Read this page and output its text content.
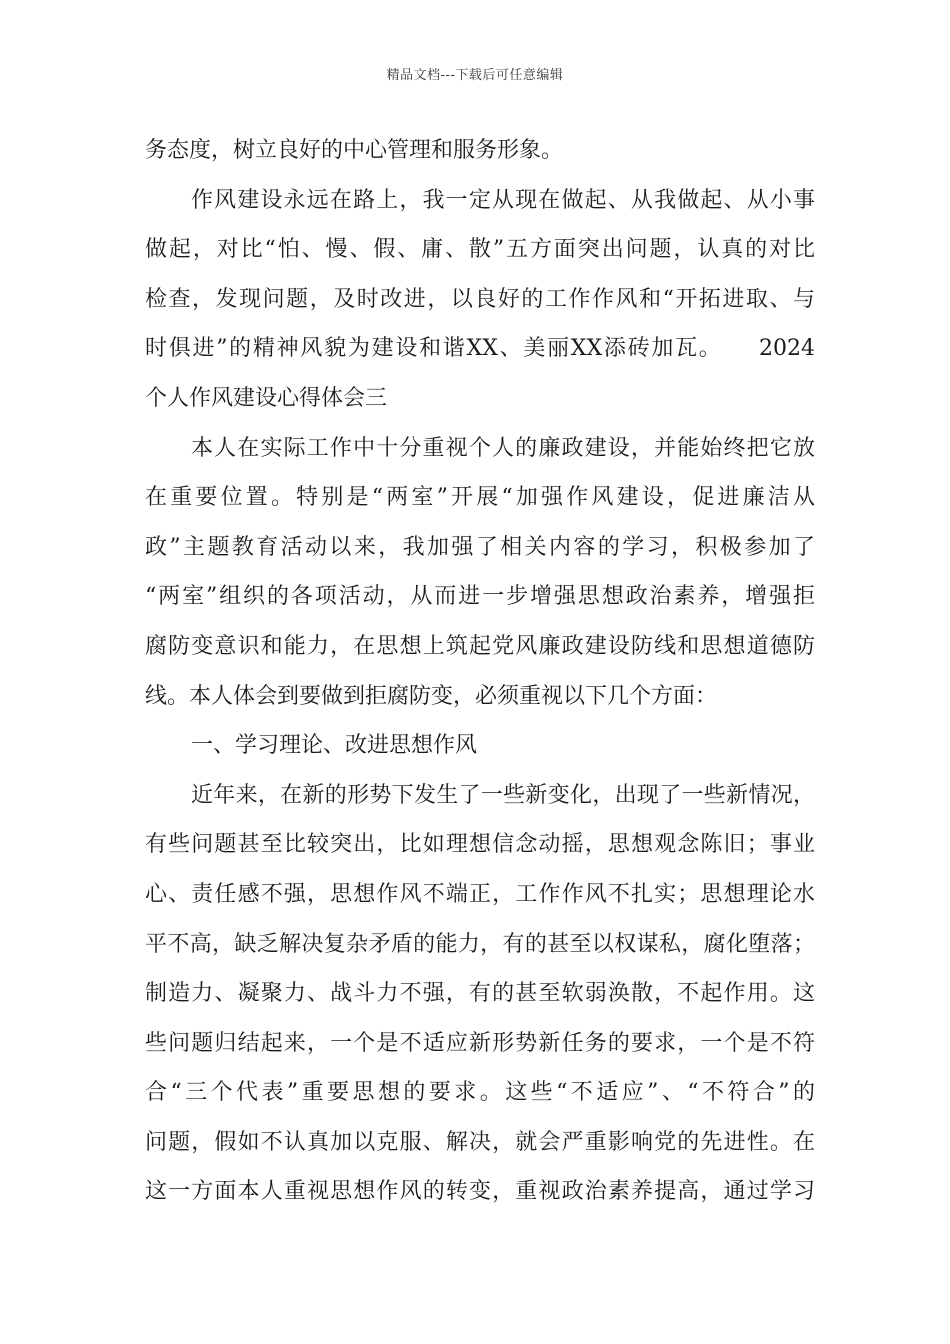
精品文档---下载后可任意编辑
务态度，树立良好的中心管理和服务形象。
作风建设永远在路上，我一定从现在做起、从我做起、从小事
做起，对比“怕、慢、假、庸、散”五方面突出问题，认真的对比
检查，发现问题，及时改进，以良好的工作作风和“开拓进取、与
时俱进”的精神风貌为建设和谐XX、美丽XX添砖加瓦。　　2024
个人作风建设心得体会三
本人在实际工作中十分重视个人的廉政建设，并能始终把它放
在重要位置。特别是“两室”开展“加强作风建设，促进廉洁从
政”主题教育活动以来，我加强了相关内容的学习，积极参加了
“两室”组织的各项活动，从而进一步增强思想政治素养，增强拒
腐防变意识和能力，在思想上筑起党风廉政建设防线和思想道德防
线。本人体会到要做到拒腐防变，必须重视以下几个方面：
一、学习理论、改进思想作风
近年来，在新的形势下发生了一些新变化，出现了一些新情况，
有些问题甚至比较突出，比如理想信念动摇，思想观念陈旧；事业
心、责任感不强，思想作风不端正，工作作风不扎实；思想理论水
平不高，缺乏解决复杂矛盾的能力，有的甚至以权谋私，腐化堕落；
制造力、凝聚力、战斗力不强，有的甚至软弱涣散，不起作用。这
些问题归结起来，一个是不适应新形势新任务的要求，一个是不符
合“三个代表”重要思想的要求。这些“不适应”、“不符合”的
问题，假如不认真加以克服、解决，就会严重影响党的先进性。在
这一方面本人重视思想作风的转变，重视政治素养提高，通过学习
